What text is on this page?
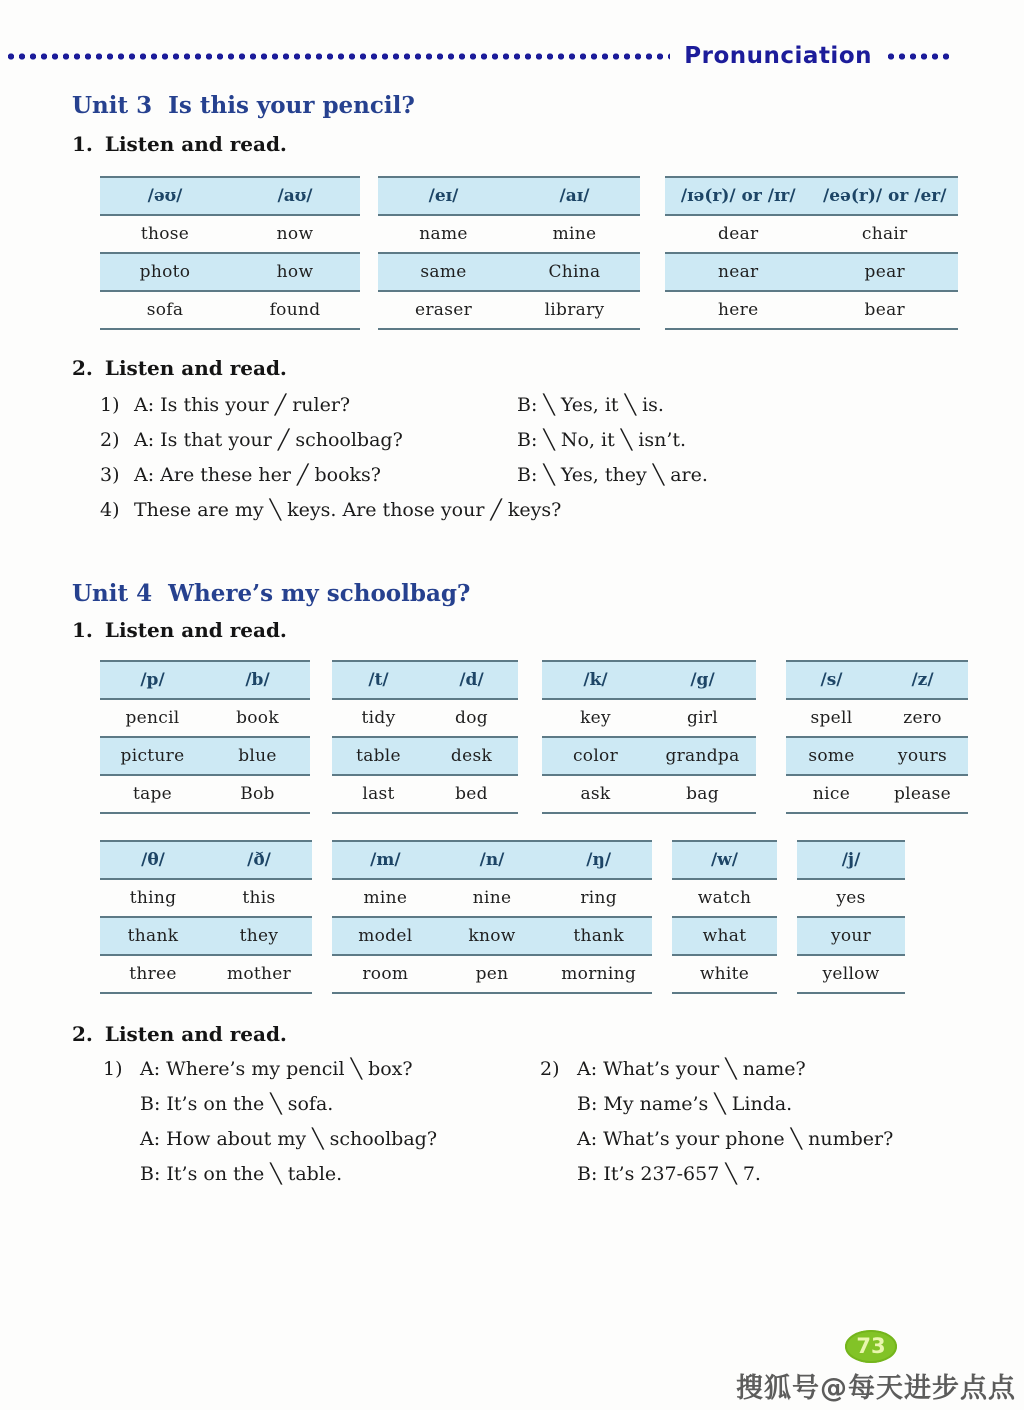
Pronunciation
Unit 3 Is this your pencil?
1. Listen and read.
/əʊ/	/aʊ/
those	now
photo	how
sofa	found
/eɪ/	/aɪ/
name	mine
same	China
eraser	library
/ɪə(r)/ or /ɪr/	/eə(r)/ or /er/
dear	chair
near	pear
here	bear
2. Listen and read.
1) A: Is this your ╱ ruler?	B: ╲ Yes, it ╲ is.
2) A: Is that your ╱ schoolbag?	B: ╲ No, it ╲ isn’t.
3) A: Are these her ╱ books?	B: ╲ Yes, they ╲ are.
4) These are my ╲ keys. Are those your ╱ keys?
Unit 4 Where’s my schoolbag?
1. Listen and read.
/p/	/b/
pencil	book
picture	blue
tape	Bob
/t/	/d/
tidy	dog
table	desk
last	bed
/k/	/g/
key	girl
color	grandpa
ask	bag
/s/	/z/
spell	zero
some	yours
nice	please
/θ/	/ð/
thing	this
thank	they
three	mother
/m/	/n/	/ŋ/
mine	nine	ring
model	know	thank
room	pen	morning
/w/
watch
what
white
/j/
yes
your
yellow
2. Listen and read.
1) A: Where’s my pencil ╲ box?
B: It’s on the ╲ sofa.
A: How about my ╲ schoolbag?
B: It’s on the ╲ table.
2) A: What’s your ╲ name?
B: My name’s ╲ Linda.
A: What’s your phone ╲ number?
B: It’s 237-657 ╲ 7.
73
搜狐号@每天进步点点
